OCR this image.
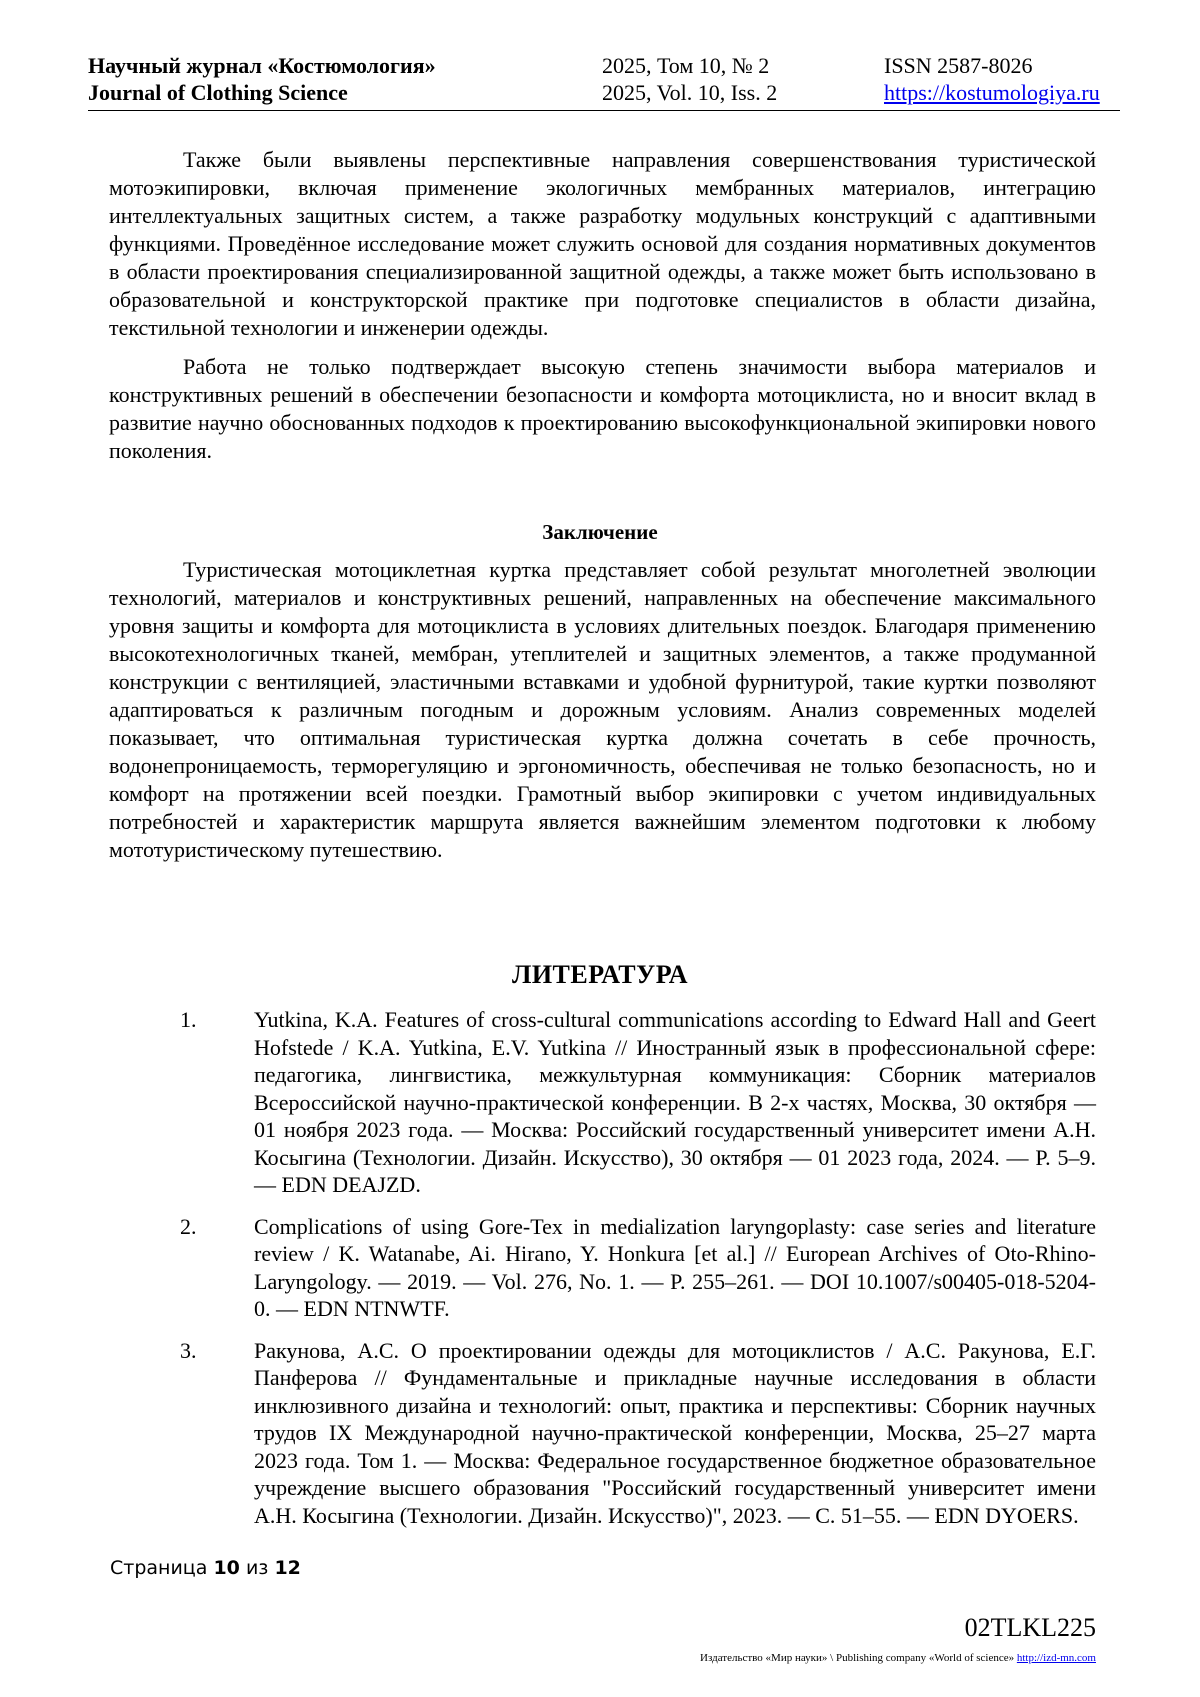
Научный журнал «Костюмология»
Journal of Clothing Science
2025, Том 10, № 2
2025, Vol. 10, Iss. 2
ISSN 2587-8026
https://kostumologiya.ru

Также были выявлены перспективные направления совершенствования туристической мотоэкипировки, включая применение экологичных мембранных материалов, интеграцию интеллектуальных защитных систем, а также разработку модульных конструкций с адаптивными функциями. Проведённое исследование может служить основой для создания нормативных документов в области проектирования специализированной защитной одежды, а также может быть использовано в образовательной и конструкторской практике при подготовке специалистов в области дизайна, текстильной технологии и инженерии одежды.

Работа не только подтверждает высокую степень значимости выбора материалов и конструктивных решений в обеспечении безопасности и комфорта мотоциклиста, но и вносит вклад в развитие научно обоснованных подходов к проектированию высокофункциональной экипировки нового поколения.

Заключение

Туристическая мотоциклетная куртка представляет собой результат многолетней эволюции технологий, материалов и конструктивных решений, направленных на обеспечение максимального уровня защиты и комфорта для мотоциклиста в условиях длительных поездок. Благодаря применению высокотехнологичных тканей, мембран, утеплителей и защитных элементов, а также продуманной конструкции с вентиляцией, эластичными вставками и удобной фурнитурой, такие куртки позволяют адаптироваться к различным погодным и дорожным условиям. Анализ современных моделей показывает, что оптимальная туристическая куртка должна сочетать в себе прочность, водонепроницаемость, терморегуляцию и эргономичность, обеспечивая не только безопасность, но и комфорт на протяжении всей поездки. Грамотный выбор экипировки с учетом индивидуальных потребностей и характеристик маршрута является важнейшим элементом подготовки к любому мототуристическому путешествию.

ЛИТЕРАТУРА
1.	Yutkina, K.A. Features of cross-cultural communications according to Edward Hall and Geert Hofstede / K.A. Yutkina, E.V. Yutkina // Иностранный язык в профессиональной сфере: педагогика, лингвистика, межкультурная коммуникация: Сборник материалов Всероссийской научно-практической конференции. В 2-х частях, Москва, 30 октября — 01 ноября 2023 года. — Москва: Российский государственный университет имени А.Н. Косыгина (Технологии. Дизайн. Искусство), 30 октября — 01 2023 года, 2024. — P. 5–9. — EDN DEAJZD.
2.	Complications of using Gore-Tex in medialization laryngoplasty: case series and literature review / K. Watanabe, Ai. Hirano, Y. Honkura [et al.] // European Archives of Oto-Rhino-Laryngology. — 2019. — Vol. 276, No. 1. — P. 255–261. — DOI 10.1007/s00405-018-5204-0. — EDN NTNWTF.
3.	Ракунова, А.С. О проектировании одежды для мотоциклистов / А.С. Ракунова, Е.Г. Панферова // Фундаментальные и прикладные научные исследования в области инклюзивного дизайна и технологий: опыт, практика и перспективы: Сборник научных трудов IX Международной научно-практической конференции, Москва, 25–27 марта 2023 года. Том 1. — Москва: Федеральное государственное бюджетное образовательное учреждение высшего образования "Российский государственный университет имени А.Н. Косыгина (Технологии. Дизайн. Искусство)", 2023. — С. 51–55. — EDN DYOERS.
Страница 10 из 12
02TLKL225
Издательство «Мир науки» \ Publishing company «World of science» http://izd-mn.com
